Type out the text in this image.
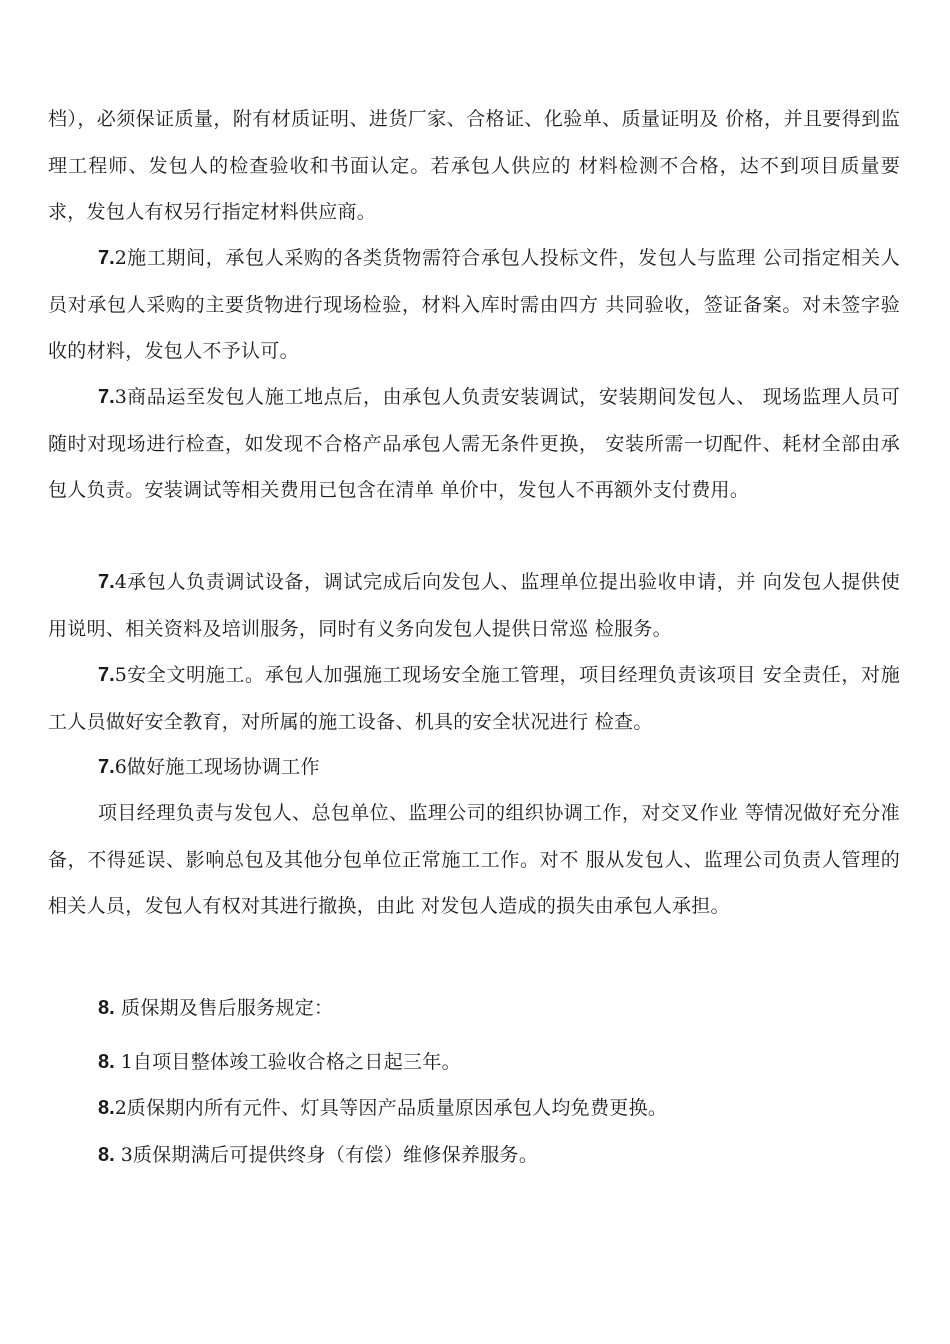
档），必须保证质量，附有材质证明、进货厂家、合格证、化验单、质量证明及 价格，并且要得到监理工程师、发包人的检查验收和书面认定。若承包人供应的 材料检测不合格，达不到项目质量要求，发包人有权另行指定材料供应商。

7.2施工期间，承包人采购的各类货物需符合承包人投标文件，发包人与监理 公司指定相关人员对承包人采购的主要货物进行现场检验，材料入库时需由四方 共同验收，签证备案。对未签字验收的材料，发包人不予认可。

7.3商品运至发包人施工地点后，由承包人负责安装调试，安装期间发包人、 现场监理人员可随时对现场进行检查，如发现不合格产品承包人需无条件更换， 安装所需一切配件、耗材全部由承包人负责。安装调试等相关费用已包含在清单 单价中，发包人不再额外支付费用。

7.4承包人负责调试设备，调试完成后向发包人、监理单位提出验收申请，并 向发包人提供使用说明、相关资料及培训服务，同时有义务向发包人提供日常巡 检服务。

7.5安全文明施工。承包人加强施工现场安全施工管理，项目经理负责该项目 安全责任，对施工人员做好安全教育，对所属的施工设备、机具的安全状况进行 检查。

7.6做好施工现场协调工作

项目经理负责与发包人、总包单位、监理公司的组织协调工作，对交叉作业 等情况做好充分准备，不得延误、影响总包及其他分包单位正常施工工作。对不 服从发包人、监理公司负责人管理的相关人员，发包人有权对其进行撤换，由此 对发包人造成的损失由承包人承担。

8. 质保期及售后服务规定：

8. 1自项目整体竣工验收合格之日起三年。

8.2质保期内所有元件、灯具等因产品质量原因承包人均免费更换。

8. 3质保期满后可提供终身（有偿）维修保养服务。
